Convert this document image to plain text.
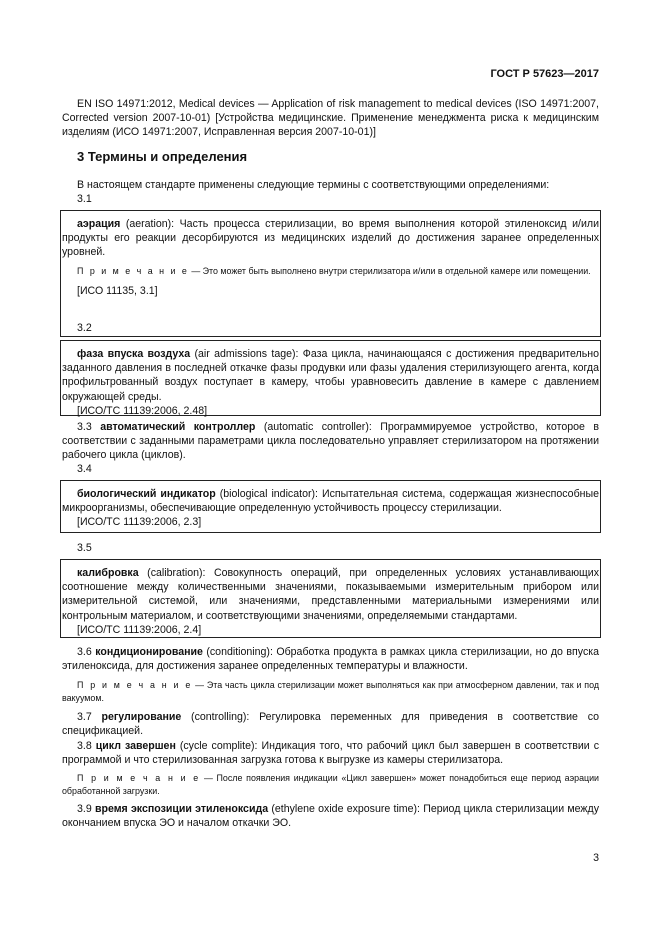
ГОСТ Р 57623—2017

EN ISO 14971:2012, Medical devices — Application of risk management to medical devices (ISO 14971:2007, Corrected version 2007-10-01) [Устройства медицинские. Применение менеджмента риска к медицинским изделиям (ИСО 14971:2007, Исправленная версия 2007-10-01)]

3 Термины и определения

В настоящем стандарте применены следующие термины с соответствующими определениями:

3.1

аэрация (aeration): Часть процесса стерилизации, во время выполнения которой этиленоксид и/или продукты его реакции десорбируются из медицинских изделий до достижения заранее определенных уровней.

П р и м е ч а н и е — Это может быть выполнено внутри стерилизатора и/или в отдельной камере или помещении.

[ИСО 11135, 3.1]

3.2

фаза впуска воздуха (air admissions tage): Фаза цикла, начинающаяся с достижения предварительно заданного давления в последней откачке фазы продувки или фазы удаления стерилизующего агента, когда профильтрованный воздух поступает в камеру, чтобы уравновесить давление в камере с давлением окружающей среды.

[ИСО/ТС 11139:2006, 2.48]

3.3 автоматический контроллер (automatic controller): Программируемое устройство, которое в соответствии с заданными параметрами цикла последовательно управляет стерилизатором на протяжении рабочего цикла (циклов).

3.4

биологический индикатор (biological indicator): Испытательная система, содержащая жизнеспособные микроорганизмы, обеспечивающие определенную устойчивость процессу стерилизации.

[ИСО/ТС 11139:2006, 2.3]

3.5

калибровка (calibration): Совокупность операций, при определенных условиях устанавливающих соотношение между количественными значениями, показываемыми измерительным прибором или измерительной системой, или значениями, представленными материальными измерениями или контрольным материалом, и соответствующими значениями, определяемыми стандартами.

[ИСО/ТС 11139:2006, 2.4]

3.6 кондиционирование (conditioning): Обработка продукта в рамках цикла стерилизации, но до впуска этиленоксида, для достижения заранее определенных температуры и влажности.

П р и м е ч а н и е — Эта часть цикла стерилизации может выполняться как при атмосферном давлении, так и под вакуумом.

3.7 регулирование (controlling): Регулировка переменных для приведения в соответствие со спецификацией.

3.8 цикл завершен (cycle complite): Индикация того, что рабочий цикл был завершен в соответствии с программой и что стерилизованная загрузка готова к выгрузке из камеры стерилизатора.

П р и м е ч а н и е — После появления индикации «Цикл завершен» может понадобиться еще период аэрации обработанной загрузки.

3.9 время экспозиции этиленоксида (ethylene oxide exposure time): Период цикла стерилизации между окончанием впуска ЭО и началом откачки ЭО.

3
